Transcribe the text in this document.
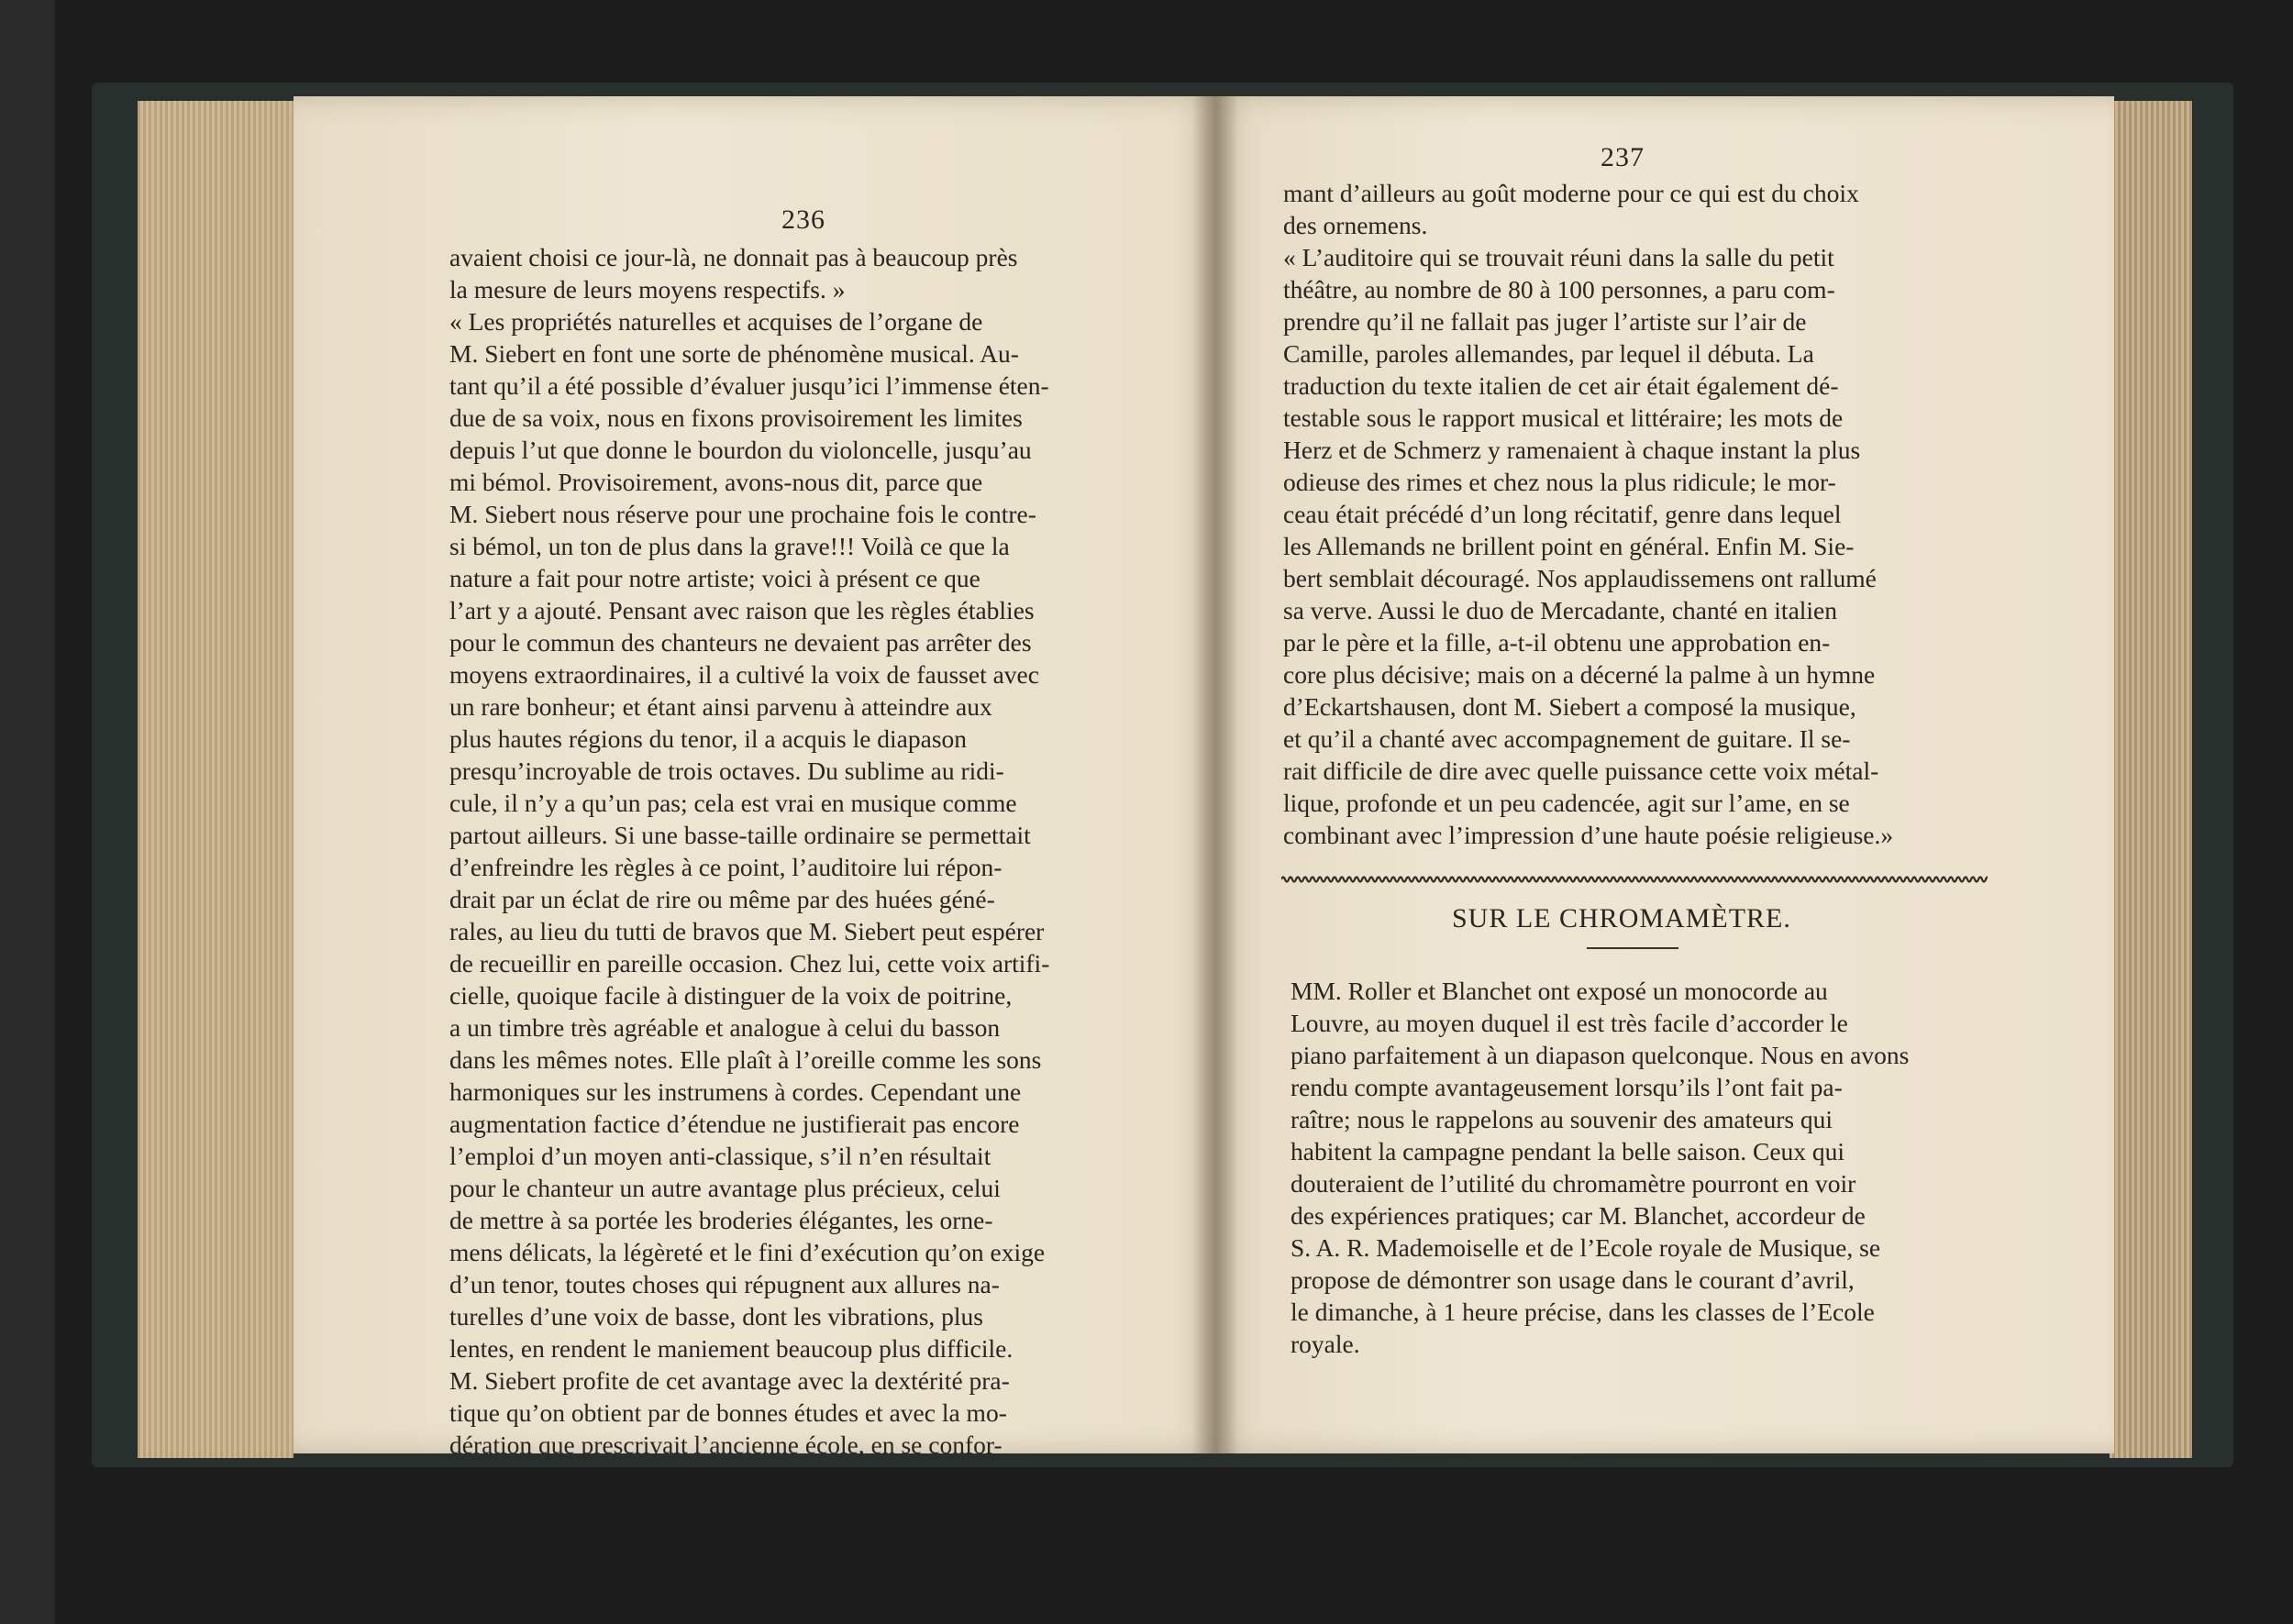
236
avaient choisi ce jour-là, ne donnait pas à beaucoup près
la mesure de leurs moyens respectifs. »
« Les propriétés naturelles et acquises de l’organe de
M. Siebert en font une sorte de phénomène musical. Au-
tant qu’il a été possible d’évaluer jusqu’ici l’immense éten-
due de sa voix, nous en fixons provisoirement les limites
depuis l’ut que donne le bourdon du violoncelle, jusqu’au
mi bémol. Provisoirement, avons-nous dit, parce que
M. Siebert nous réserve pour une prochaine fois le contre-
si bémol, un ton de plus dans la grave!!! Voilà ce que la
nature a fait pour notre artiste; voici à présent ce que
l’art y a ajouté. Pensant avec raison que les règles établies
pour le commun des chanteurs ne devaient pas arrêter des
moyens extraordinaires, il a cultivé la voix de fausset avec
un rare bonheur; et étant ainsi parvenu à atteindre aux
plus hautes régions du tenor, il a acquis le diapason
presqu’incroyable de trois octaves. Du sublime au ridi-
cule, il n’y a qu’un pas; cela est vrai en musique comme
partout ailleurs. Si une basse-taille ordinaire se permettait
d’enfreindre les règles à ce point, l’auditoire lui répon-
drait par un éclat de rire ou même par des huées géné-
rales, au lieu du tutti de bravos que M. Siebert peut espérer
de recueillir en pareille occasion. Chez lui, cette voix artifi-
cielle, quoique facile à distinguer de la voix de poitrine,
a un timbre très agréable et analogue à celui du basson
dans les mêmes notes. Elle plaît à l’oreille comme les sons
harmoniques sur les instrumens à cordes. Cependant une
augmentation factice d’étendue ne justifierait pas encore
l’emploi d’un moyen anti-classique, s’il n’en résultait
pour le chanteur un autre avantage plus précieux, celui
de mettre à sa portée les broderies élégantes, les orne-
mens délicats, la légèreté et le fini d’exécution qu’on exige
d’un tenor, toutes choses qui répugnent aux allures na-
turelles d’une voix de basse, dont les vibrations, plus
lentes, en rendent le maniement beaucoup plus difficile.
M. Siebert profite de cet avantage avec la dextérité pra-
tique qu’on obtient par de bonnes études et avec la mo-
dération que prescrivait l’ancienne école, en se confor-
237
mant d’ailleurs au goût moderne pour ce qui est du choix
des ornemens.
« L’auditoire qui se trouvait réuni dans la salle du petit
théâtre, au nombre de 80 à 100 personnes, a paru com-
prendre qu’il ne fallait pas juger l’artiste sur l’air de
Camille, paroles allemandes, par lequel il débuta. La
traduction du texte italien de cet air était également dé-
testable sous le rapport musical et littéraire; les mots de
Herz et de Schmerz y ramenaient à chaque instant la plus
odieuse des rimes et chez nous la plus ridicule; le mor-
ceau était précédé d’un long récitatif, genre dans lequel
les Allemands ne brillent point en général. Enfin M. Sie-
bert semblait découragé. Nos applaudissemens ont rallumé
sa verve. Aussi le duo de Mercadante, chanté en italien
par le père et la fille, a-t-il obtenu une approbation en-
core plus décisive; mais on a décerné la palme à un hymne
d’Eckartshausen, dont M. Siebert a composé la musique,
et qu’il a chanté avec accompagnement de guitare. Il se-
rait difficile de dire avec quelle puissance cette voix métal-
lique, profonde et un peu cadencée, agit sur l’ame, en se
combinant avec l’impression d’une haute poésie religieuse.»
SUR LE CHROMAMÈTRE.
MM. Roller et Blanchet ont exposé un monocorde au
Louvre, au moyen duquel il est très facile d’accorder le
piano parfaitement à un diapason quelconque. Nous en avons
rendu compte avantageusement lorsqu’ils l’ont fait pa-
raître; nous le rappelons au souvenir des amateurs qui
habitent la campagne pendant la belle saison. Ceux qui
douteraient de l’utilité du chromamètre pourront en voir
des expériences pratiques; car M. Blanchet, accordeur de
S. A. R. Mademoiselle et de l’Ecole royale de Musique, se
propose de démontrer son usage dans le courant d’avril,
le dimanche, à 1 heure précise, dans les classes de l’Ecole
royale.
